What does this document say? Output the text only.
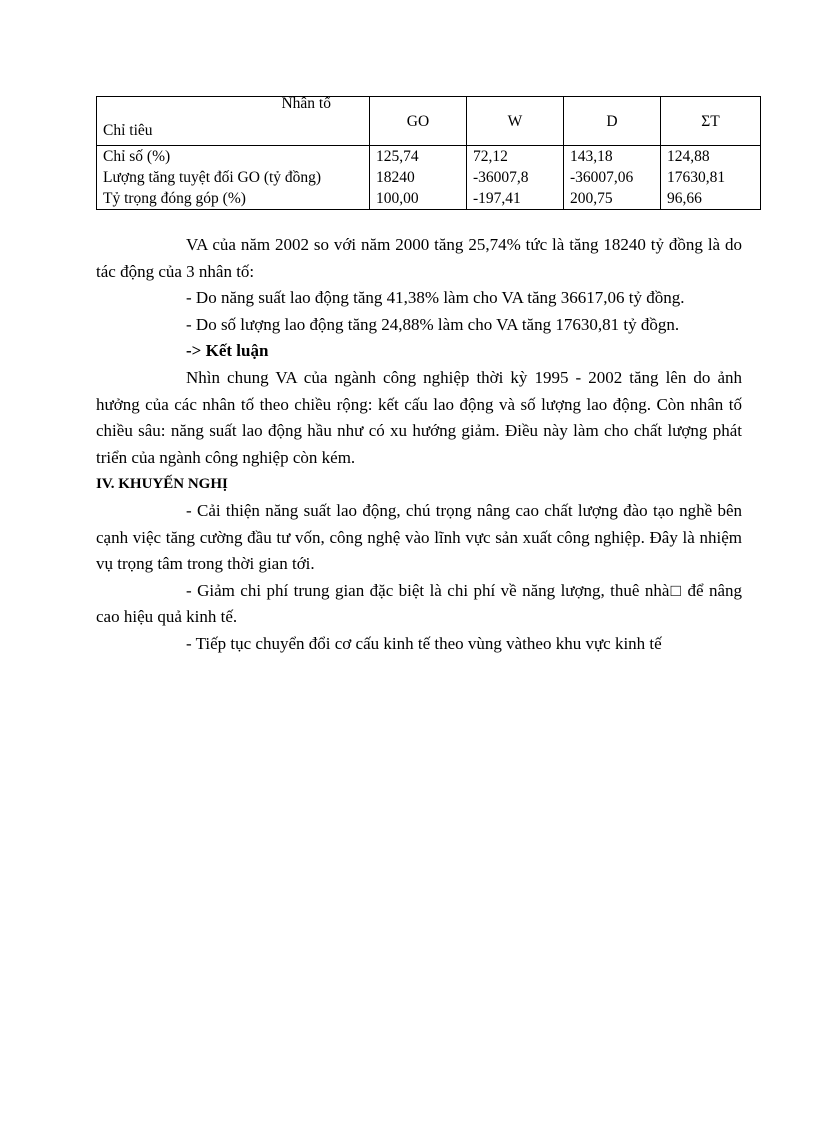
Nhân tố
Chỉ tiêu	GO	W	D	ΣT
Chỉ số (%)	125,74	72,12	143,18	124,88
Lượng tăng tuyệt đối GO (tỷ đồng)	18240	-36007,8	-36007,06	17630,81
Tỷ trọng đóng góp (%)	100,00	-197,41	200,75	96,66

VA của năm 2002 so với năm 2000 tăng 25,74% tức là tăng 18240 tỷ đồng là do tác động của 3 nhân tố:

- Do năng suất lao động tăng 41,38% làm cho VA tăng 36617,06 tỷ đồng.

- Do số lượng lao động tăng 24,88% làm cho VA tăng 17630,81 tỷ đồgn.

-> Kết luận

Nhìn chung VA của ngành công nghiệp thời kỳ 1995 - 2002 tăng lên do ảnh hưởng của các nhân tố theo chiều rộng: kết cấu lao động và số lượng lao động. Còn nhân tố chiều sâu: năng suất lao động hầu như có xu hướng giảm. Điều này làm cho chất lượng phát triển của ngành công nghiệp còn kém.

IV. KHUYẾN NGHỊ

- Cải thiện năng suất lao động, chú trọng nâng cao chất lượng đào tạo nghề bên cạnh việc tăng cường đầu tư vốn, công nghệ vào lĩnh vực sản xuất công nghiệp. Đây là nhiệm vụ trọng tâm trong thời gian tới.

- Giảm chi phí trung gian đặc biệt là chi phí về năng lượng, thuê nhà□ để nâng cao hiệu quả kinh tế.

- Tiếp tục chuyển đổi cơ cấu kinh tế theo vùng vàtheo khu vực kinh tế
